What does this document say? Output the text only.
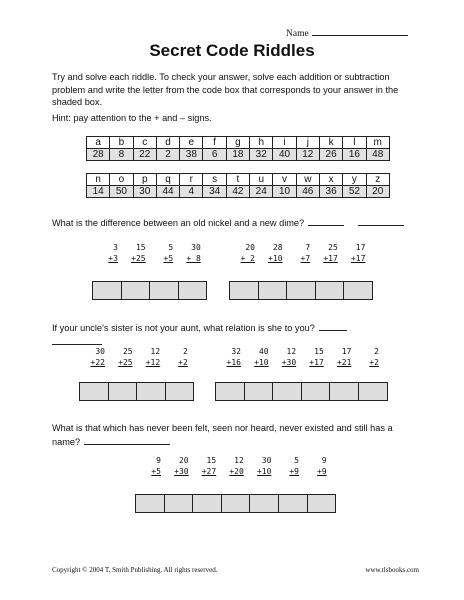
Name
Secret Code Riddles
Try and solve each riddle. To check your answer, solve each addition or subtraction problem and write the letter from the code box that corresponds to your answer in the shaded box.
Hint: pay attention to the + and – signs.
a	b	c	d	e	f	g	h	i	j	k	l	m
28	8	22	2	38	6	18	32	40	12	26	16	48
n	o	p	q	r	s	t	u	v	w	x	y	z
14	50	30	44	4	34	42	24	10	46	36	52	20
What is the difference between an old nickel and a new dime?
3
+3
15
+25
5
+5
30
+ 8
20
+ 2
28
+10
7
+7
25
+17
17
+17
If your uncle’s sister is not your aunt, what relation is she to you?
30
+22
25
+25
12
+12
2
+2
32
+16
40
+10
12
+30
15
+17
17
+21
2
+2
What is that which has never been felt, seen nor heard, never existed and still has a name?
9
+5
20
+30
15
+27
12
+20
30
+10
5
+9
9
+9
Copyright © 2004 T. Smith Publishing. All rights reserved.	www.tlsbooks.com
